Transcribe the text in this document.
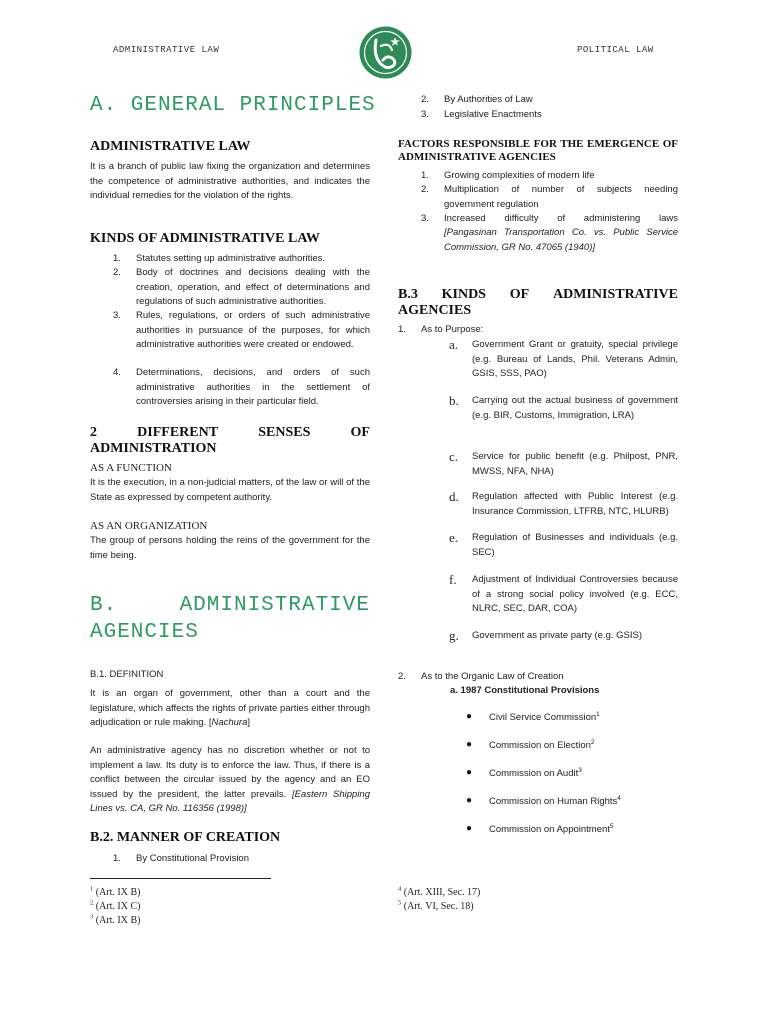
ADMINISTRATIVE LAW	POLITICAL LAW
A. GENERAL PRINCIPLES
ADMINISTRATIVE LAW
It is a branch of public law fixing the organization and determines the competence of administrative authorities, and indicates the individual remedies for the violation of the rights.
KINDS OF ADMINISTRATIVE LAW
1. Statutes setting up administrative authorities.
2. Body of doctrines and decisions dealing with the creation, operation, and effect of determinations and regulations of such administrative authorities.
3. Rules, regulations, or orders of such administrative authorities in pursuance of the purposes, for which administrative authorities were created or endowed.
4. Determinations, decisions, and orders of such administrative authorities in the settlement of controversies arising in their particular field.
2	DIFFERENT	SENSES	OF
ADMINISTRATION
AS A FUNCTION
It is the execution, in a non-judicial matters, of the law or will of the State as expressed by competent authority.
AS AN ORGANIZATION
The group of persons holding the reins of the government for the time being.
B.	ADMINISTRATIVE
AGENCIES
B.1. DEFINITION
It is an organ of government, other than a court and the legislature, which affects the rights of private parties either through adjudication or rule making. [Nachura]
An administrative agency has no discretion whether or not to implement a law. Its duty is to enforce the law. Thus, if there is a conflict between the circular issued by the agency and an EO issued by the president, the latter prevails. [Eastern Shipping Lines vs. CA, GR No. 116356 (1998)]
B.2. MANNER OF CREATION
1. By Constitutional Provision
$^1$ (Art. IX B)
$^2$ (Art. IX C)
$^3$ (Art. IX B)
2. By Authorities of Law
3. Legislative Enactments
FACTORS RESPONSIBLE FOR THE EMERGENCE OF ADMINISTRATIVE AGENCIES
1. Growing complexities of modern life
2. Multiplication of number of subjects needing government regulation
3. Increased difficulty of administering laws
[Pangasinan Transportation Co. vs. Public Service Commission, GR No. 47065 (1940)]
B.3 KINDS OF ADMINISTRATIVE
AGENCIES
1. As to Purpose:
a. Government Grant or gratuity, special privilege (e.g. Bureau of Lands, Phil. Veterans Admin, GSIS, SSS, PAO)
b. Carrying out the actual business of government (e.g. BIR, Customs, Immigration, LRA)
c. Service for public benefit (e.g. Philpost, PNR, MWSS, NFA, NHA)
d. Regulation affected with Public Interest (e.g. Insurance Commission, LTFRB, NTC, HLURB)
e. Regulation of Businesses and individuals (e.g. SEC)
f. Adjustment of Individual Controversies because of a strong social policy involved (e.g. ECC, NLRC, SEC, DAR, COA)
g. Government as private party (e.g. GSIS)
2. As to the Organic Law of Creation
a. 1987 Constitutional Provisions
● Civil Service Commission$^1$
● Commission on Election$^2$
● Commission on Audit$^3$
● Commission on Human Rights$^4$
● Commission on Appointment$^5$
$^4$ (Art. XIII, Sec. 17)
$^5$ (Art. VI, Sec. 18)
